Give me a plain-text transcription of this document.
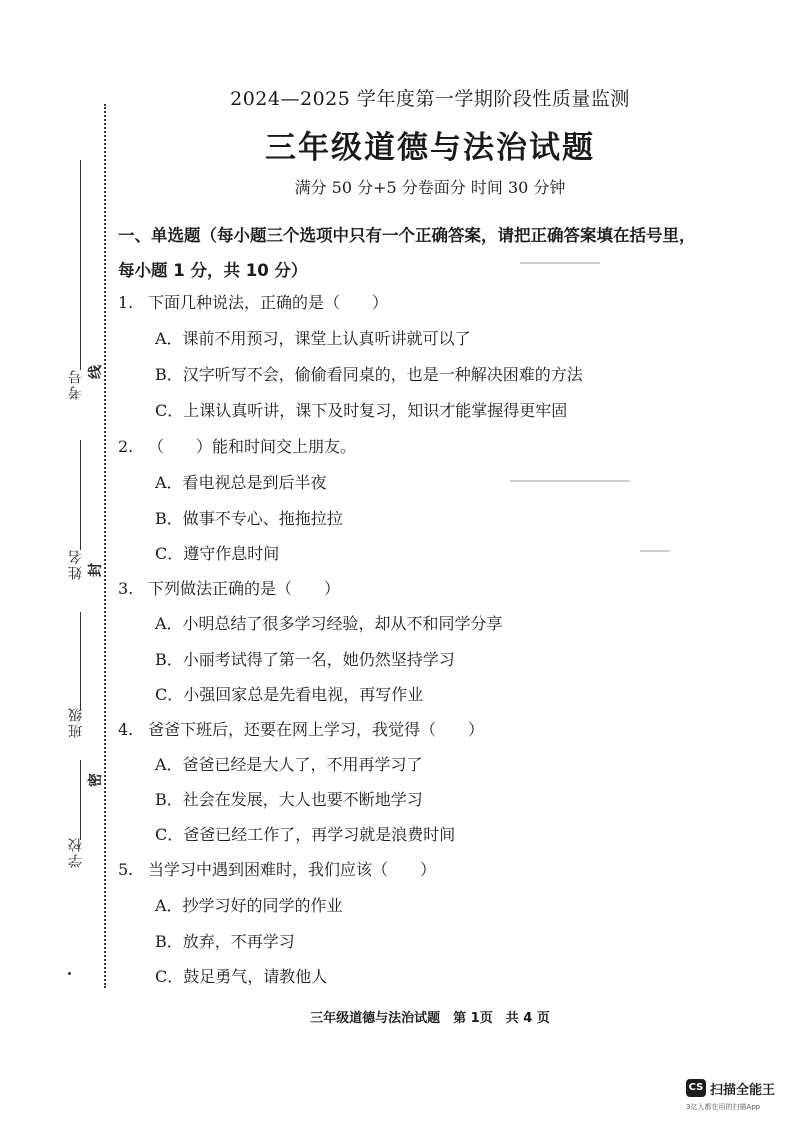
考号
姓名
班级
学校
线
封
密
2024—2025 学年度第一学期阶段性质量监测
三年级道德与法治试题
满分 50 分+5 分卷面分 时间 30 分钟
一、单选题（每小题三个选项中只有一个正确答案，请把正确答案填在括号里，
每小题 1 分，共 10 分）
1. 下面几种说法，正确的是（　　）
A．课前不用预习，课堂上认真听讲就可以了
B．汉字听写不会，偷偷看同桌的，也是一种解决困难的方法
C．上课认真听讲，课下及时复习，知识才能掌握得更牢固
2. （　　）能和时间交上朋友。
A．看电视总是到后半夜
B．做事不专心、拖拖拉拉
C．遵守作息时间
3. 下列做法正确的是（　　）
A．小明总结了很多学习经验，却从不和同学分享
B．小丽考试得了第一名，她仍然坚持学习
C．小强回家总是先看电视，再写作业
4. 爸爸下班后，还要在网上学习，我觉得（　　）
A．爸爸已经是大人了，不用再学习了
B．社会在发展，大人也要不断地学习
C．爸爸已经工作了，再学习就是浪费时间
5. 当学习中遇到困难时，我们应该（　　）
A．抄学习好的同学的作业
B．放弃，不再学习
C．鼓足勇气，请教他人
三年级道德与法治试题　第 1页　共 4 页
CS 扫描全能王
3亿人都在用的扫描App
